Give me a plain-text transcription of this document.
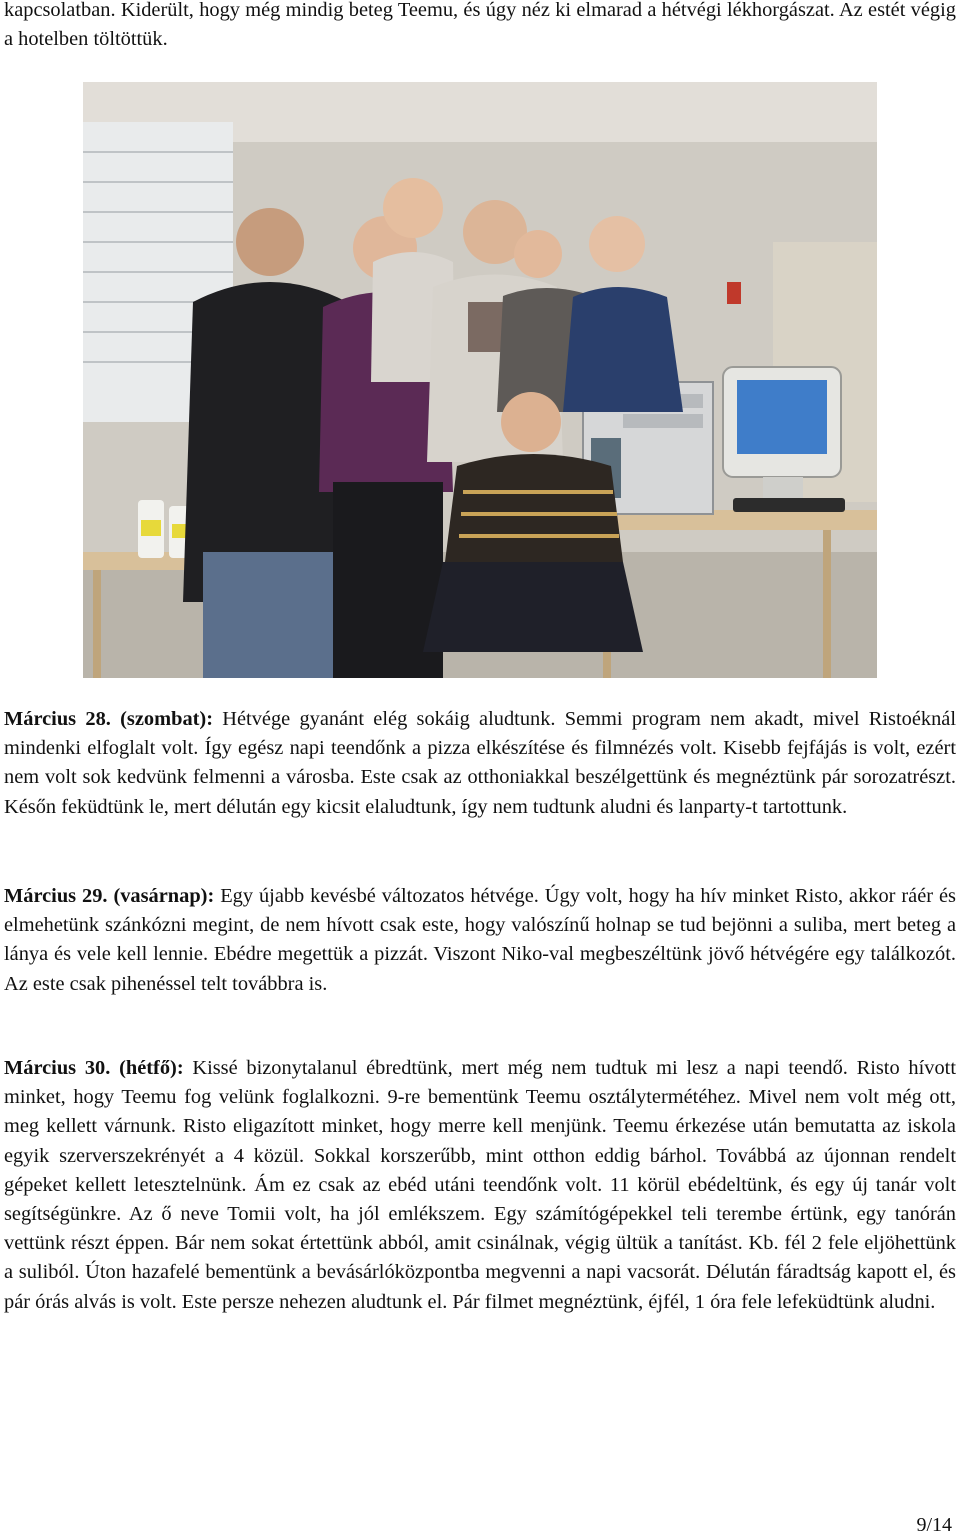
kapcsolatban. Kiderült, hogy még mindig beteg Teemu, és úgy néz ki elmarad a hétvégi lékhorgászat. Az estét végig a hotelben töltöttük.

Március 28. (szombat): Hétvége gyanánt elég sokáig aludtunk. Semmi program nem akadt, mivel Ristoéknál mindenki elfoglalt volt. Így egész napi teendőnk a pizza elkészítése és filmnézés volt. Kisebb fejfájás is volt, ezért nem volt sok kedvünk felmenni a városba. Este csak az otthoniakkal beszélgettünk és megnéztünk pár sorozatrészt. Későn feküdtünk le, mert délután egy kicsit elaludtunk, így nem tudtunk aludni és lanparty-t tartottunk.

Március 29. (vasárnap): Egy újabb kevésbé változatos hétvége. Úgy volt, hogy ha hív minket Risto, akkor ráér és elmehetünk szánkózni megint, de nem hívott csak este, hogy valószínű holnap se tud bejönni a suliba, mert beteg a lánya és vele kell lennie. Ebédre megettük a pizzát. Viszont Niko-val megbeszéltünk jövő hétvégére egy találkozót. Az este csak pihenéssel telt továbbra is.

Március 30. (hétfő): Kissé bizonytalanul ébredtünk, mert még nem tudtuk mi lesz a napi teendő. Risto hívott minket, hogy Teemu fog velünk foglalkozni. 9-re bementünk Teemu osztálytermétéhez. Mivel nem volt még ott, meg kellett várnunk. Risto eligazított minket, hogy merre kell menjünk. Teemu érkezése után bemutatta az iskola egyik szerverszekrényét a 4 közül. Sokkal korszerűbb, mint otthon eddig bárhol. Továbbá az újonnan rendelt gépeket kellett letesztelnünk. Ám ez csak az ebéd utáni teendőnk volt. 11 körül ebédeltünk, és egy új tanár volt segítségünkre. Az ő neve Tomii volt, ha jól emlékszem. Egy számítógépekkel teli terembe értünk, egy tanórán vettünk részt éppen. Bár nem sokat értettünk abból, amit csinálnak, végig ültük a tanítást. Kb. fél 2 fele eljöhettünk a suliból. Úton hazafelé bementünk a bevásárlóközpontba megvenni a napi vacsorát. Délután fáradtság kapott el, és pár órás alvás is volt. Este persze nehezen aludtunk el. Pár filmet megnéztünk, éjfél, 1 óra fele lefeküdtünk aludni.

9/14
